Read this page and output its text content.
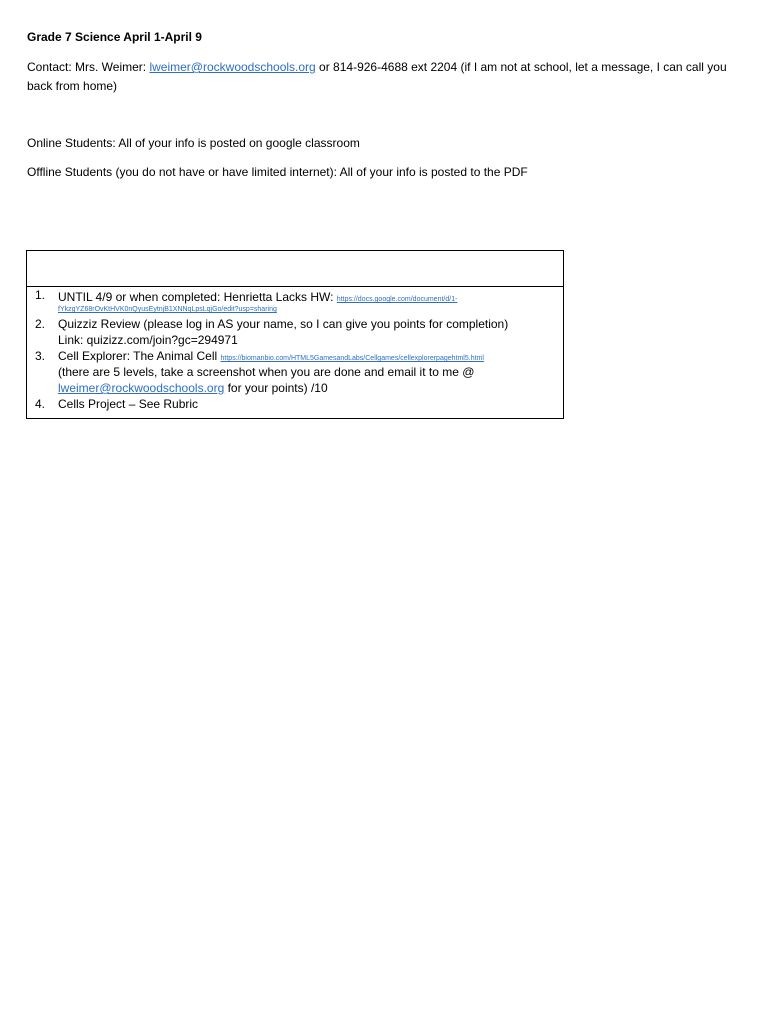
Grade 7 Science April 1-April 9
Contact: Mrs. Weimer: lweimer@rockwoodschools.org or 814-926-4688 ext 2204 (if I am not at school, let a message, I can call you back from home)
Online Students: All of your info is posted on google classroom
Offline Students (you do not have or have limited internet): All of your info is posted to the PDF
1. UNTIL 4/9 or when completed: Henrietta Lacks HW: https://docs.google.com/document/d/1-
fYkzgYZ68rOvKtHVK0nQyusEytnjB1XNNqLpsLqjGo/edit?usp=sharing
2. Quizziz Review (please log in AS your name, so I can give you points for completion)
Link: quizizz.com/join?gc=294971
3. Cell Explorer: The Animal Cell https://biomanbio.com/HTML5GamesandLabs/Cellgames/cellexplorerpagehtml5.html
(there are 5 levels, take a screenshot when you are done and email it to me @
lweimer@rockwoodschools.org for your points) /10
4. Cells Project – See Rubric
